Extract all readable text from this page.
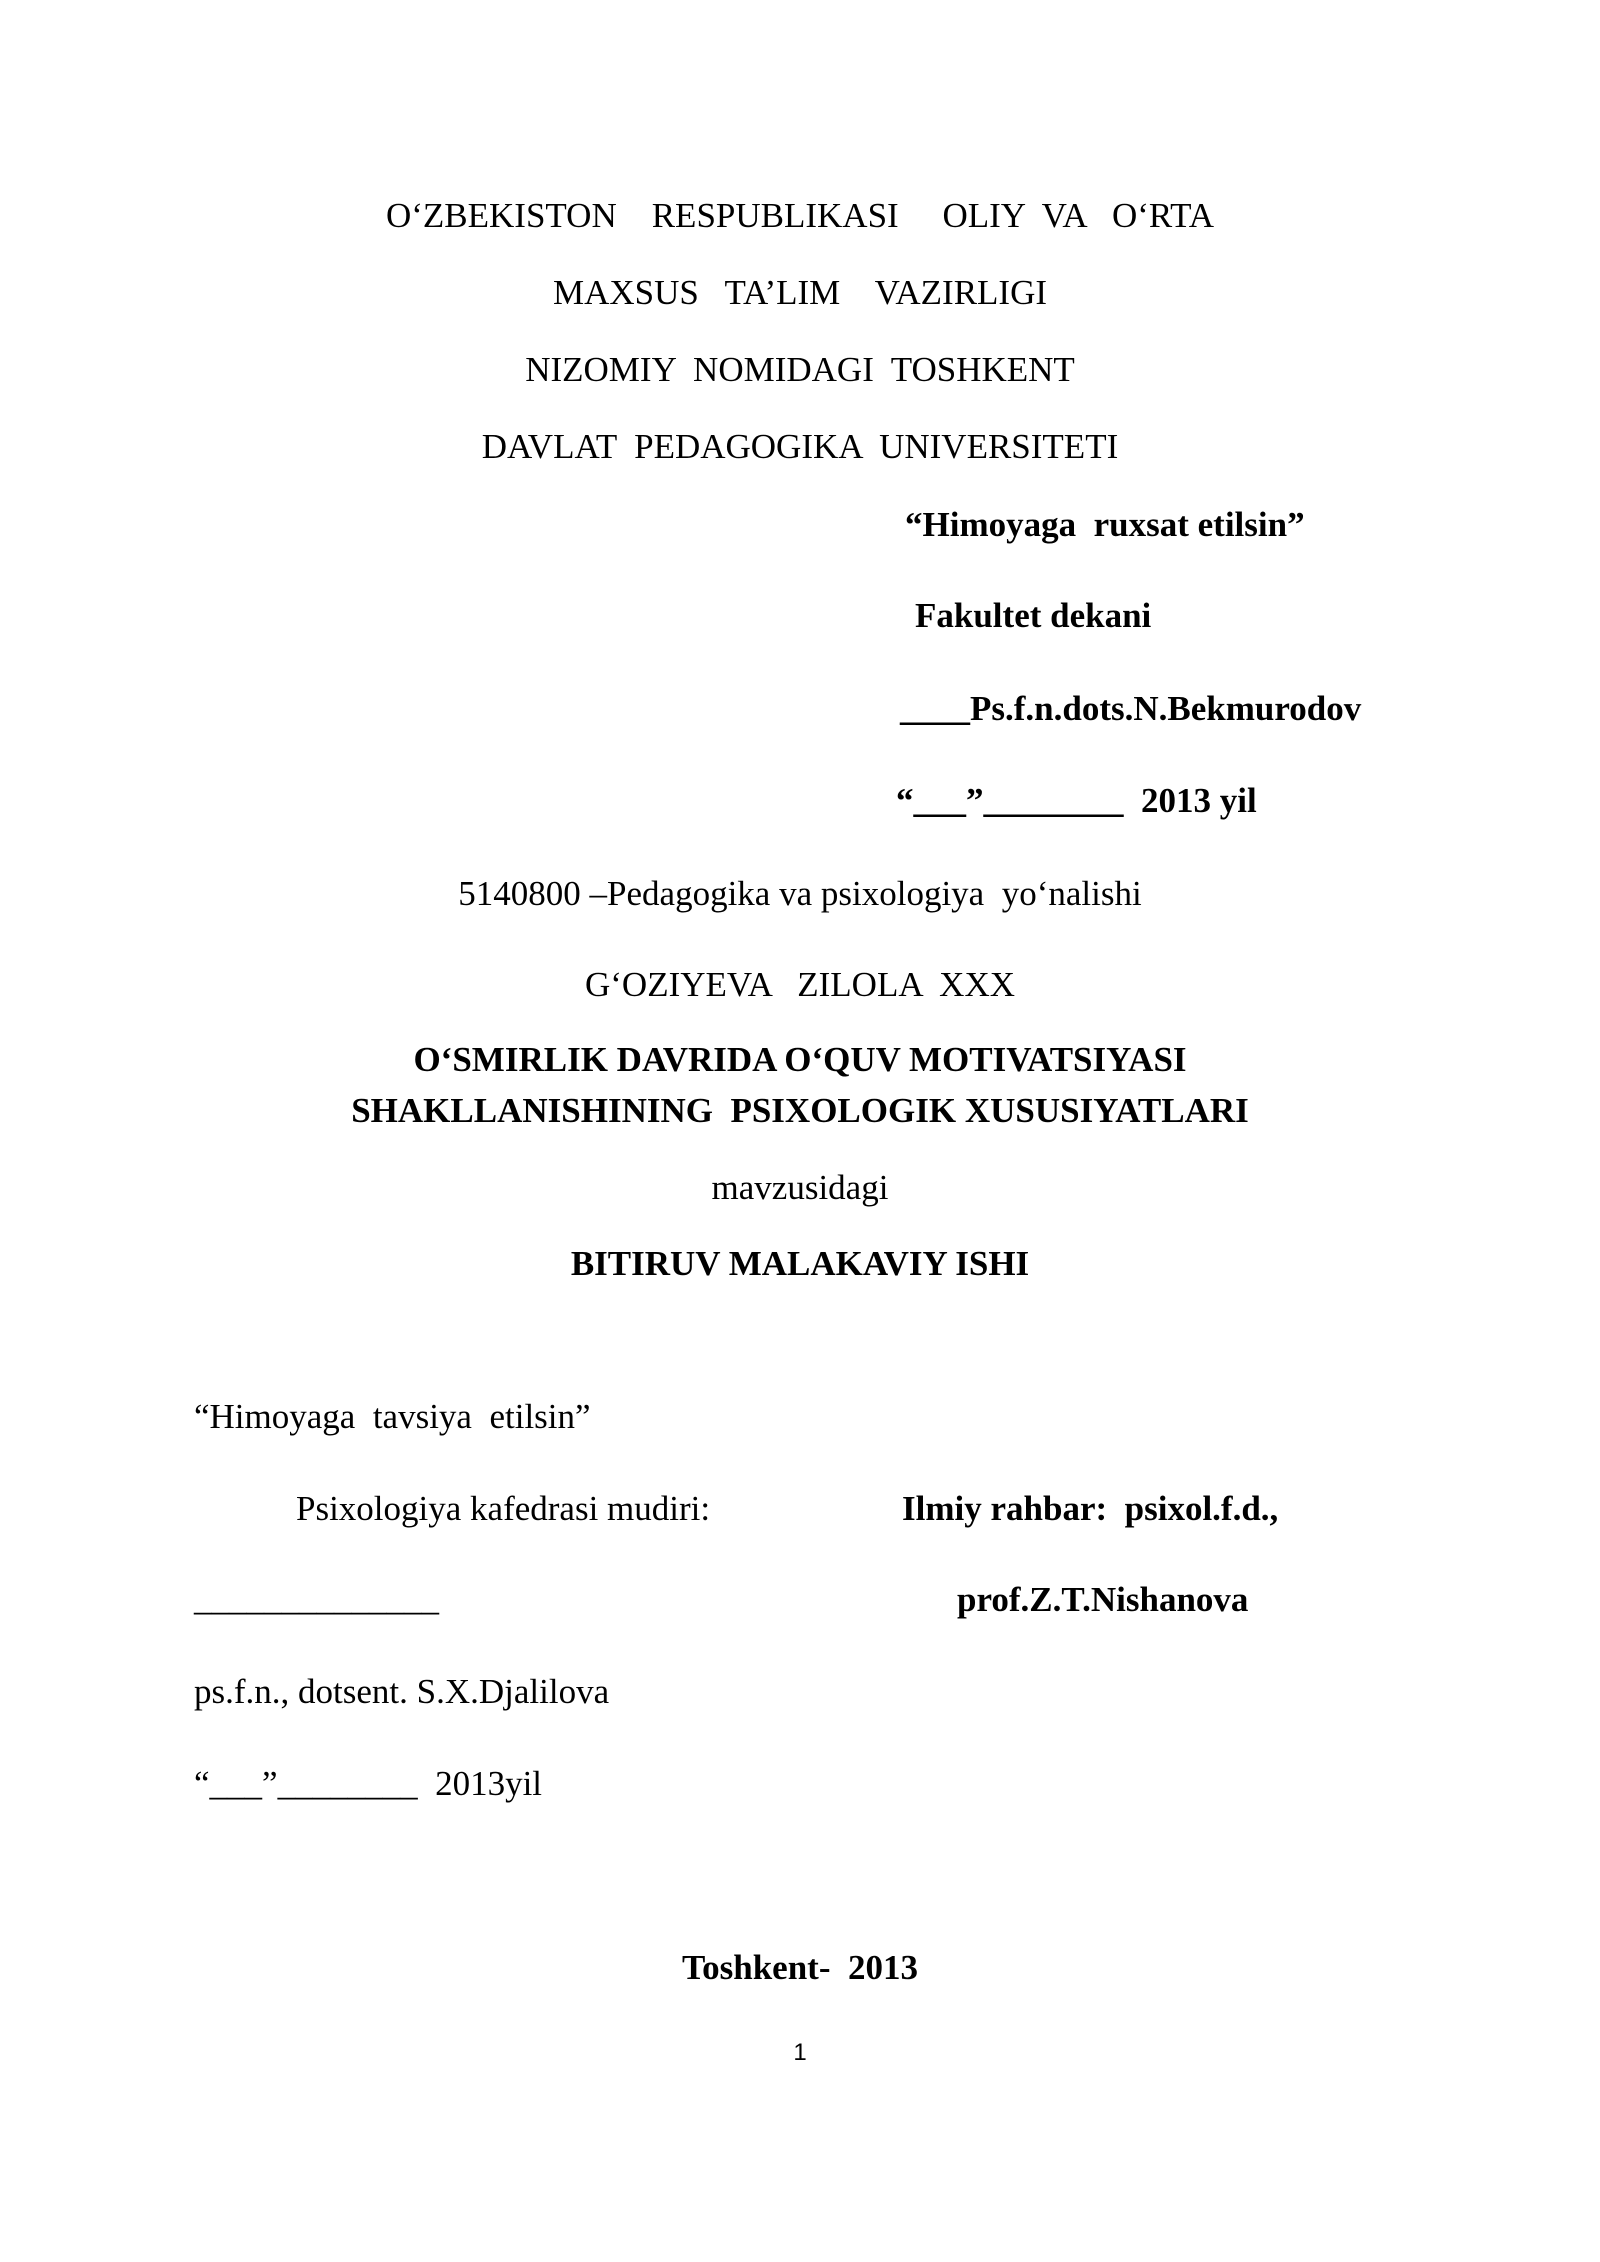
O‘ZBEKISTON    RESPUBLIKASI     OLIY  VA   O‘RTA
MAXSUS   TA’LIM    VAZIRLIGI
NIZOMIY  NOMIDAGI  TOSHKENT
DAVLAT  PEDAGOGIKA  UNIVERSITETI
“Himoyaga  ruxsat etilsin”
Fakultet dekani
____Ps.f.n.dots.N.Bekmurodov
“___”________  2013 yil
5140800 –Pedagogika va psixologiya  yo‘nalishi
G‘OZIYEVA   ZILOLA  XXX
O‘SMIRLIK DAVRIDA O‘QUV MOTIVATSIYASI
SHAKLLANISHINING  PSIXOLOGIK XUSUSIYATLARI
mavzusidagi
BITIRUV MALAKAVIY ISHI
“Himoyaga  tavsiya  etilsin”
Psixologiya kafedrasi mudiri:	Ilmiy rahbar:  psixol.f.d.,
______________	prof.Z.T.Nishanova
ps.f.n., dotsent. S.X.Djalilova
“___”________  2013yil
Toshkent-  2013
1
